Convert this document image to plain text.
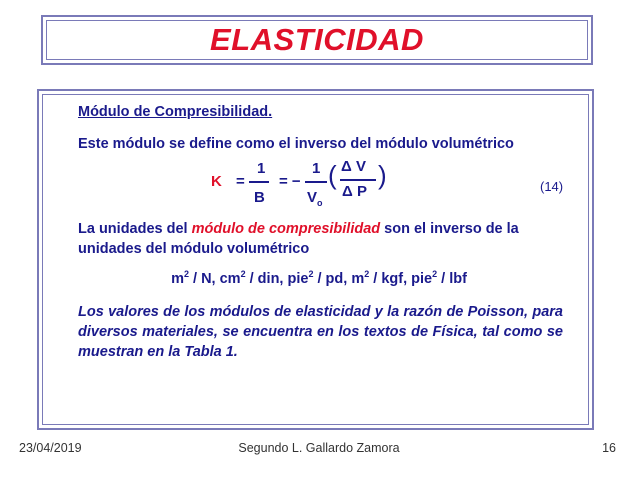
ELASTICIDAD
Módulo de Compresibilidad.
Este módulo se define como el inverso del módulo volumétrico
K =
1
B
= −
1
$V_o$
( Δ V
Δ P
)	(14)
La unidades del módulo de compresibilidad son el inverso de la unidades del módulo volumétrico
$m^2$ / N, $cm^2$ / din, pie$^2$ / pd, $m^2$ / kgf, pie$^2$ / lbf
Los valores de los módulos de elasticidad y la razón de Poisson, para diversos materiales, se encuentra en los textos de Física, tal como se muestran en la Tabla 1.
23/04/2019	Segundo L. Gallardo Zamora	16
